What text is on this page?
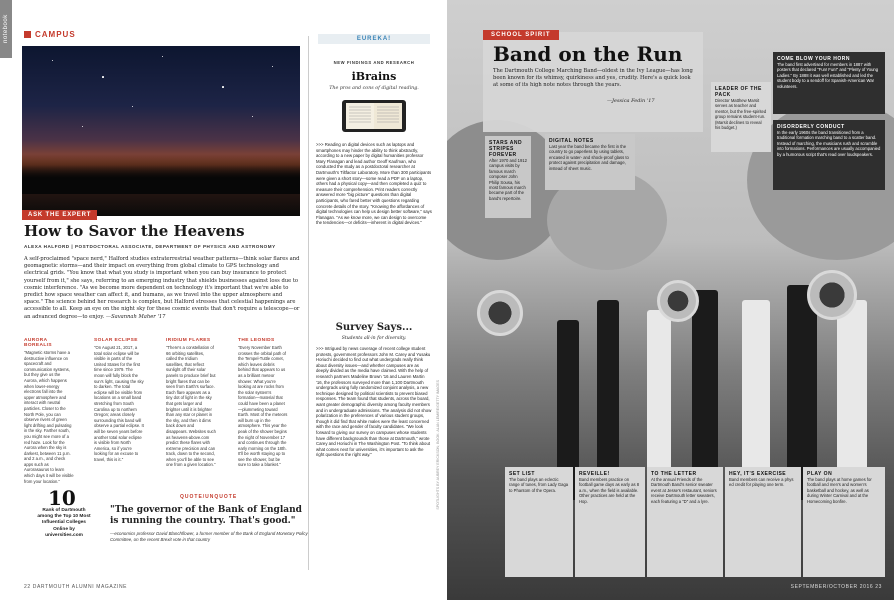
notebook	CAMPUS
ASK THE EXPERT
How to Savor the Heavens
ALEXA HALFORD | POSTDOCTORAL ASSOCIATE, DEPARTMENT OF PHYSICS AND ASTRONOMY

A self-proclaimed "space nerd," Halford studies extraterrestrial weather patterns—think solar flares and geomagnetic storms—and their impact on everything from global climate to GPS technology and electrical grids. "You know that what you study is important when you can buy insurance to protect yourself from it," she says, referring to an emerging industry that shields businesses against loss due to cosmic interference. "As we become more dependent on technology it's important that we're able to predict how space weather can affect it, and humans, as we travel into the upper atmosphere and space." The science behind her research is complex, but Halford stresses that celestial happenings are accessible to all. Keep an eye on the night sky for these cosmic events that don't require a telescope—or an advanced degree—to enjoy. —Savannah Maher '17

AURORA BOREALIS

"Magnetic storms have a destructive influence on spacecraft and communication systems, but they give us the Aurora, which happens when lower-energy electrons fall into the upper atmosphere and interact with neutral particles. Closer to the North Pole, you can observe rivers of green light drifting and pulsating in the sky. Farther south, you might see more of a red haze. Look for the Aurora when the sky is darkest, between 11 p.m. and 2 a.m., and check apps such as Aurorasaurus to learn which days it will be visible from your location."

SOLAR ECLIPSE

"On August 21, 2017, a total solar eclipse will be visible in parts of the United States for the first time since 1979. The moon will fully block the sun's light, causing the sky to darken. The total eclipse will be visible from locations on a small band stretching from South Carolina up to northern Oregon; areas closely surrounding this band will observe a partial eclipse. It will be seven years before another total solar eclipse is visible from North America, so if you're looking for an excuse to travel, this is it."

IRIDIUM FLARES

"There's a constellation of 66 orbiting satellites, called the Iridium satellites, that reflect sunlight off their solar panels to produce brief but bright flares that can be seen from Earth's surface. Each flare appears as a tiny dot of light in the sky that gets larger and brighter until it is brighter than any star or planet in the sky, and then it dims back down and disappears. Websites such as heavens-above.com predict these flares with extreme precision and can track, down to the second, when you'll be able to see one from a given location."

THE LEONIDS

"Every November Earth crosses the orbital path of the Tempel-Tuttle comet, which leaves debris behind that appears to us as a brilliant meteor shower. What you're looking at are rocks from the solar system's formation—material that could have been a planet—plummeting toward Earth. Most of the meteors will burn up in the atmosphere. This year the peak of the shower begins the night of November 17 and continues through the early morning on the 18th. It'll be worth staying up to see the shower, but be sure to take a blanket."

10
Rank of Dartmouth among the Top 10 Most Influential Colleges Online by universities.com
QUOTE/UNQUOTE

"The governor of the Bank of England is running the country. That's good."

—economics professor David Blanchflower, a former member of the Bank of England Monetary Policy Committee, on the recent Brexit vote in that country

22 DARTMOUTH ALUMNI MAGAZINE
EUREKA!
NEW FINDINGS AND RESEARCH
iBrains
The pros and cons of digital reading.

>>> Reading on digital devices such as laptops and smartphones may hinder the ability to think abstractly, according to a new paper by digital humanities professor Mary Flanagan and lead author Geoff Kaufman, who conducted the study as a postdoctoral researcher at Dartmouth's Tiltfactor Laboratory. More than 300 participants were given a short story—some read a PDF on a laptop, others had a physical copy—and then completed a quiz to measure their comprehension. Print readers correctly answered more "big picture" questions than digital participants, who fared better with questions regarding concrete details of the story. "Knowing the affordances of digital technologies can help us design better software," says Flanagan. "As we know more, we can design to overcome the tendencies—or deficits—inherent in digital devices."

Survey Says...
Students all-in for diversity.

>>> Intrigued by news coverage of recent college student protests, government professors John M. Carey and Yusaku Horiuchi decided to find out what undergrads really think about diversity issues—and whether campuses are as deeply divided as the media have claimed. With the help of research partners Madeline Brown '16 and Lauren Martin '16, the professors surveyed more than 1,100 Dartmouth undergrads using fully randomized conjoint analysis, a new technique designed by political scientists to prevent biased responses. The team found that students, across the board, want greater demographic diversity among faculty members and in undergraduate admissions. The analysis did not show polarization in the preferences of various student groups, though it did find that white males were the least concerned with the race and gender of faculty candidates. "We look forward to giving our survey on campuses whose students have different backgrounds than those at Dartmouth," wrote Carey and Horiuchi in The Washington Post. "To think about what comes next for universities, it's important to ask the right questions the right way."	SPOTLIGHTS BY AUBREY ERICKSON; BOOK: ALAN LEMIRE/GETTY IMAGES
SCHOOL SPIRIT
Band on the Run

The Dartmouth College Marching Band—oldest in the Ivy League—has long been known for its whimsy, quirkiness and yes, crudity. Here's a quick look at some of its high note notes through the years.

—Jessica Fedin '17
LEADER OF THE PACK

Director Matthew Marsit serves as teacher and mentor, but the free-spirited group remains student-run. (Marsit declines to reveal his budget.)

COME BLOW YOUR HORN

The band first advertised for members in 1887 with posters that declared "Fun! Fun!" and "Plenty of Young Ladies." By 1888 it was well established and led the student body to a sendoff for Spanish-American War volunteers.

DISORDERLY CONDUCT

In the early 1960s the band transitioned from a traditional formation marching band to a scatter band. Instead of marching, the musicians rush and scramble into formations. Performances are usually accompanied by a humorous script that's read over loudspeakers.

STARS AND STRIPES FOREVER

After 1970 and 1912 campus visits by famous march composer John Philip Sousa, his most famous march became part of the band's repertoire.

DIGITAL NOTES

Last year the band became the first in the country to go paperless by using tablets, encased in water- and shock-proof glass to protect against precipitation and damage, instead of sheet music.

SET LIST

The band plays an eclectic range of tunes, from Lady Gaga to Phantom of the Opera.

REVEILLE!

Band members practice on football game days as early as 8 a.m., when the field is available. Other practices are held at the Hop.

TO THE LETTER

At the annual Friends of the Dartmouth Band's senior sweater event at Jesse's restaurant, seniors receive Dartmouth letter sweaters, each featuring a "D" and a lyre.

HEY, IT'S EXERCISE

Band members can receive a phys ed credit for playing one term.

PLAY ON

The band plays at home games for football and men's and women's basketball and hockey, as well as during Winter Carnival and at the Homecoming bonfire.

SEPTEMBER/OCTOBER 2016 23
